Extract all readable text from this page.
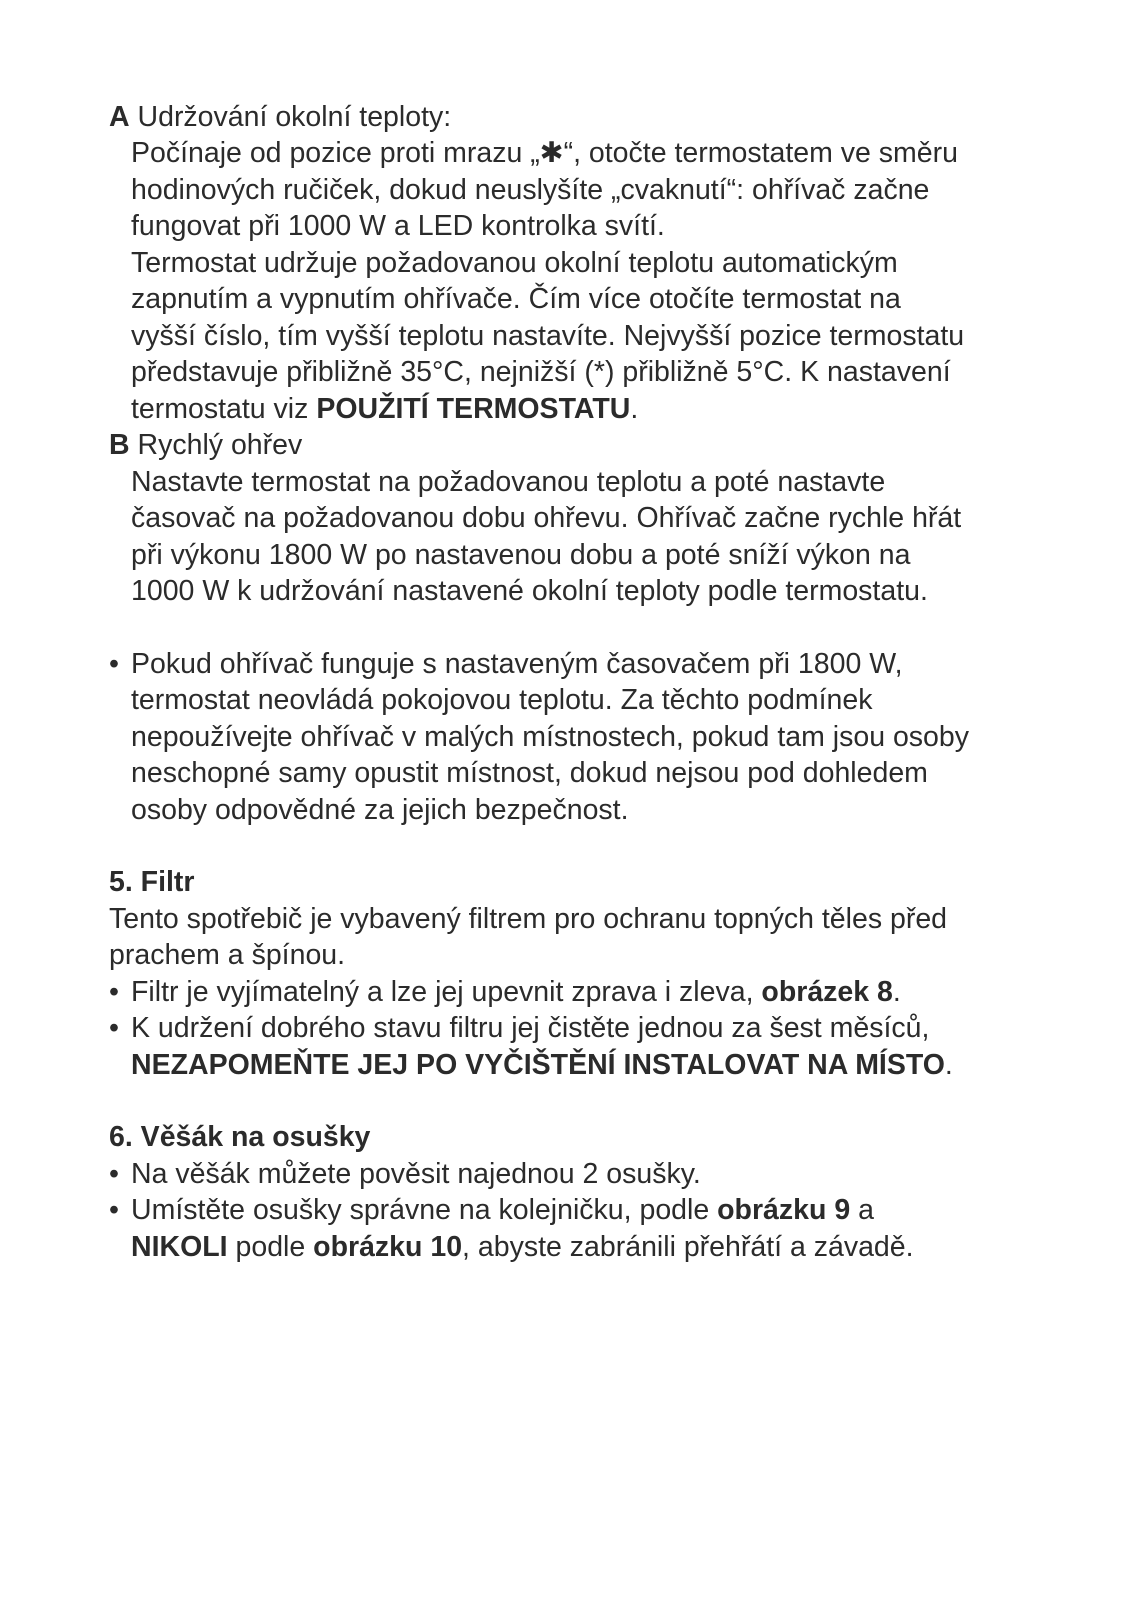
A Udržování okolní teploty:
Počínaje od pozice proti mrazu „✱“, otočte termostatem ve směru
hodinových ručiček, dokud neuslyšíte „cvaknutí“: ohřívač začne
fungovat při 1000 W a LED kontrolka svítí.
Termostat udržuje požadovanou okolní teplotu automatickým
zapnutím a vypnutím ohřívače. Čím více otočíte termostat na
vyšší číslo, tím vyšší teplotu nastavíte. Nejvyšší pozice termostatu
představuje přibližně 35°C, nejnižší (*) přibližně 5°C. K nastavení
termostatu viz POUŽITÍ TERMOSTATU.
B Rychlý ohřev
Nastavte termostat na požadovanou teplotu a poté nastavte
časovač na požadovanou dobu ohřevu. Ohřívač začne rychle hřát
při výkonu 1800 W po nastavenou dobu a poté sníží výkon na
1000 W k udržování nastavené okolní teploty podle termostatu.
• Pokud ohřívač funguje s nastaveným časovačem při 1800 W,
termostat neovládá pokojovou teplotu. Za těchto podmínek
nepoužívejte ohřívač v malých místnostech, pokud tam jsou osoby
neschopné samy opustit místnost, dokud nejsou pod dohledem
osoby odpovědné za jejich bezpečnost.
5. Filtr
Tento spotřebič je vybavený filtrem pro ochranu topných těles před
prachem a špínou.
• Filtr je vyjímatelný a lze jej upevnit zprava i zleva, obrázek 8.
• K udržení dobrého stavu filtru jej čistěte jednou za šest měsíců,
NEZAPOMEŇTE JEJ PO VYČIŠTĚNÍ INSTALOVAT NA MÍSTO.
6. Věšák na osušky
• Na věšák můžete pověsit najednou 2 osušky.
• Umístěte osušky správne na kolejničku, podle obrázku 9 a
NIKOLI podle obrázku 10, abyste zabránili přehřátí a závadě.
